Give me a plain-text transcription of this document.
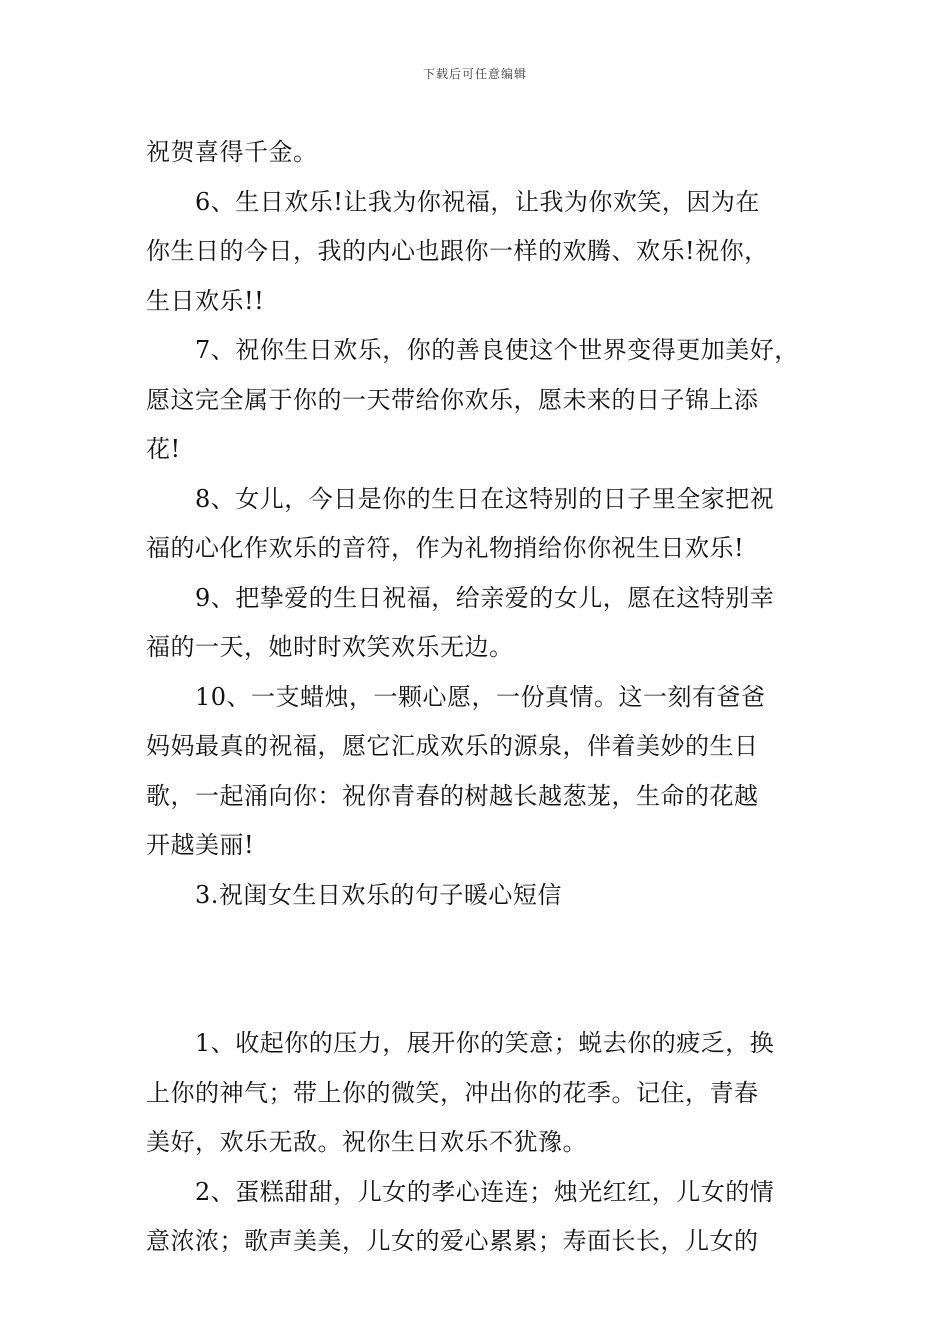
下载后可任意编辑
祝贺喜得千金。
6、生日欢乐!让我为你祝福，让我为你欢笑，因为在
你生日的今日，我的内心也跟你一样的欢腾、欢乐!祝你，
生日欢乐!!
7、祝你生日欢乐，你的善良使这个世界变得更加美好，
愿这完全属于你的一天带给你欢乐，愿未来的日子锦上添
花!
8、女儿，今日是你的生日在这特别的日子里全家把祝
福的心化作欢乐的音符，作为礼物捎给你你祝生日欢乐!
9、把挚爱的生日祝福，给亲爱的女儿，愿在这特别幸
福的一天，她时时欢笑欢乐无边。
10、一支蜡烛，一颗心愿，一份真情。这一刻有爸爸
妈妈最真的祝福，愿它汇成欢乐的源泉，伴着美妙的生日
歌，一起涌向你：祝你青春的树越长越葱茏，生命的花越
开越美丽!
3.祝闺女生日欢乐的句子暖心短信
1、收起你的压力，展开你的笑意；蜕去你的疲乏，换
上你的神气；带上你的微笑，冲出你的花季。记住，青春
美好，欢乐无敌。祝你生日欢乐不犹豫。
2、蛋糕甜甜，儿女的孝心连连；烛光红红，儿女的情
意浓浓；歌声美美，儿女的爱心累累；寿面长长，儿女的
